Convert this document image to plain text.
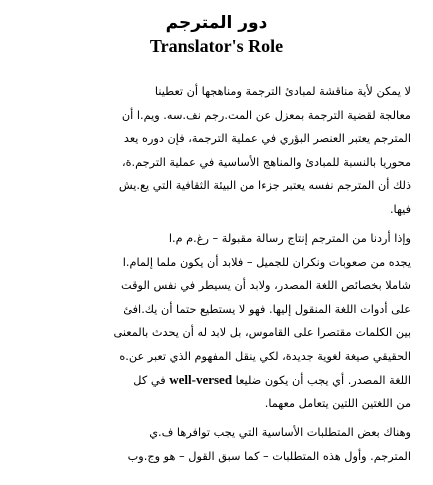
دور المترجم
Translator's Role
لا يمكن لأية مناقشة لمبادئ الترجمة ومناهجها أن تعطينا
معالجة لقضية الترجمة بمعزل عن المت.رجم نف.سه. ويم.ا أن
المترجم يعتبر العنصر البؤري في عملية الترجمة، فإن دوره يعد
محوريا بالنسبة للمبادئ والمناهج الأساسية في عملية الترجم.ة،
ذلك أن المترجم نفسه يعتبر جزءا من البيئة الثقافية التي يع.يش
فيها.
وإذا أردنا من المترجم إنتاج رسالة مقبولة – رغ.م م.ا
يجده من صعوبات ونكران للجميل – فلابد أن يكون ملما إلمام.ا
شاملا بخصائص اللغة المصدر، ولابد أن يسيطر في نفس الوقت
على أدوات اللغة المنقول إليها. فهو لا يستطيع حتما أن يك.افئ
بين الكلمات مقتصرا على القاموس، بل لابد له أن يحدث بالمعنى
الحقيقي صيغة لغوية جديدة، لكي ينقل المفهوم الذي تعبر عن.ه
اللغة المصدر. أي يجب أن يكون ضليعا well-versed في كل
من اللغتين اللتين يتعامل معهما.
وهناك بعض المتطلبات الأساسية التي يجب توافرها ف.ي
المترجم. وأول هذه المتطلبات – كما سبق القول – هو وج.وب
